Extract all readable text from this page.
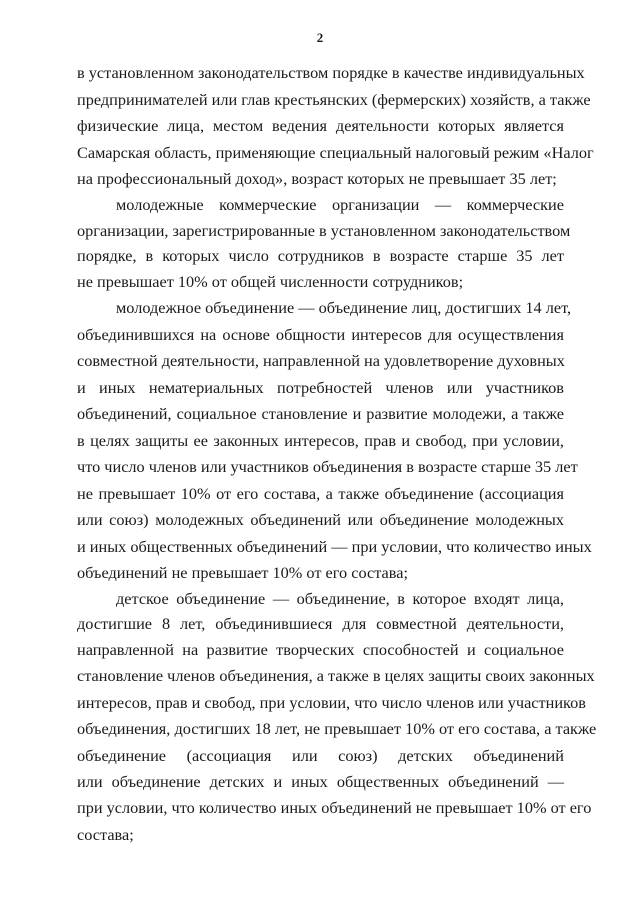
2
в установленном законодательством порядке в качестве индивидуальных
предпринимателей или глав крестьянских (фермерских) хозяйств, а также
физические лица, местом ведения деятельности которых является
Самарская область, применяющие специальный налоговый режим «Налог
на профессиональный доход», возраст которых не превышает 35 лет;
молодежные коммерческие организации — коммерческие
организации, зарегистрированные в установленном законодательством
порядке, в которых число сотрудников в возрасте старше 35 лет
не превышает 10% от общей численности сотрудников;
молодежное объединение — объединение лиц, достигших 14 лет,
объединившихся на основе общности интересов для осуществления
совместной деятельности, направленной на удовлетворение духовных
и иных нематериальных потребностей членов или участников
объединений, социальное становление и развитие молодежи, а также
в целях защиты ее законных интересов, прав и свобод, при условии,
что число членов или участников объединения в возрасте старше 35 лет
не превышает 10% от его состава, а также объединение (ассоциация
или союз) молодежных объединений или объединение молодежных
и иных общественных объединений — при условии, что количество иных
объединений не превышает 10% от его состава;
детское объединение — объединение, в которое входят лица,
достигшие 8 лет, объединившиеся для совместной деятельности,
направленной на развитие творческих способностей и социальное
становление членов объединения, а также в целях защиты своих законных
интересов, прав и свобод, при условии, что число членов или участников
объединения, достигших 18 лет, не превышает 10% от его состава, а также
объединение (ассоциация или союз) детских объединений
или объединение детских и иных общественных объединений —
при условии, что количество иных объединений не превышает 10% от его
состава;
